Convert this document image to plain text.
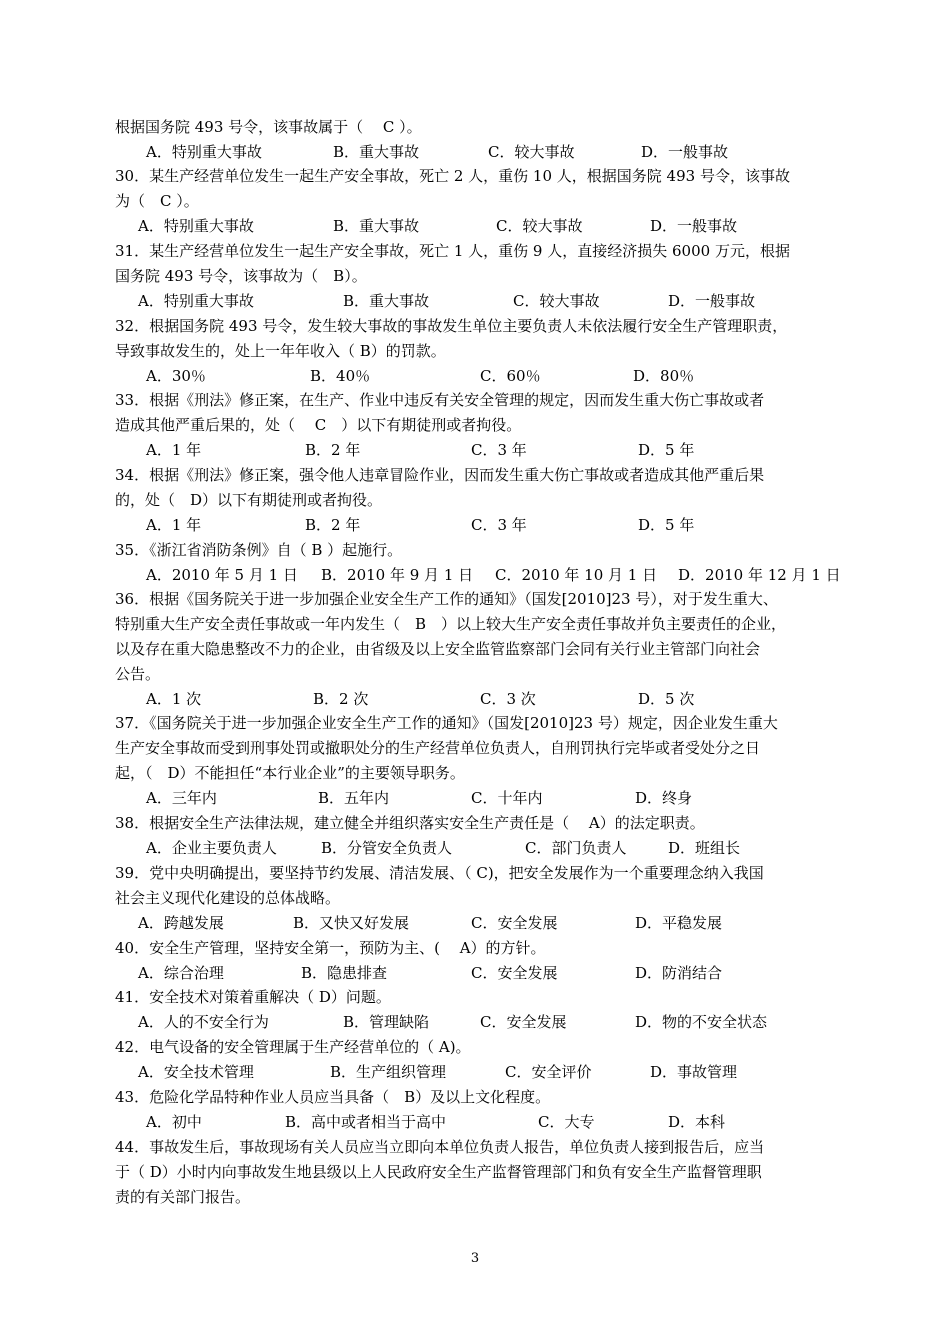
根据国务院 493 号令，该事故属于（　 C ）。
A．特别重大事故	B．重大事故	C．较大事故	D．一般事故
30．某生产经营单位发生一起生产安全事故，死亡 2 人，重伤 10 人，根据国务院 493 号令，该事故
为（　C ）。
A．特别重大事故	B．重大事故	C．较大事故	D．一般事故
31．某生产经营单位发生一起生产安全事故，死亡 1 人，重伤 9 人，直接经济损失 6000 万元，根据
国务院 493 号令，该事故为（　B）。
A．特别重大事故	B．重大事故	C．较大事故	D．一般事故
32．根据国务院 493 号令，发生较大事故的事故发生单位主要负责人未依法履行安全生产管理职责，
导致事故发生的，处上一年年收入（ B）的罚款。
A．30％	B．40％	C．60％	D．80％
33．根据《刑法》修正案，在生产、作业中违反有关安全管理的规定，因而发生重大伤亡事故或者
造成其他严重后果的，处（　 C　）以下有期徒刑或者拘役。
A．1 年	B．2 年	C．3 年	D．5 年
34．根据《刑法》修正案，强令他人违章冒险作业，因而发生重大伤亡事故或者造成其他严重后果
的，处（　D）以下有期徒刑或者拘役。
A．1 年	B．2 年	C．3 年	D．5 年
35．《浙江省消防条例》自（ B ）起施行。
A．2010 年 5 月 1 日 B．2010 年 9 月 1 日 C．2010 年 10 月 1 日 D．2010 年 12 月 1 日
36．根据《国务院关于进一步加强企业安全生产工作的通知》（国发[2010]23 号），对于发生重大、
特别重大生产安全责任事故或一年内发生（　B　）以上较大生产安全责任事故并负主要责任的企业，
以及存在重大隐患整改不力的企业，由省级及以上安全监管监察部门会同有关行业主管部门向社会
公告。
A．1 次	B．2 次	C．3 次	D．5 次
37．《国务院关于进一步加强企业安全生产工作的通知》（国发[2010]23 号）规定，因企业发生重大
生产安全事故而受到刑事处罚或撤职处分的生产经营单位负责人，自刑罚执行完毕或者受处分之日
起，（　D）不能担任“本行业企业”的主要领导职务。
A．三年内	B．五年内	C．十年内	D．终身
38．根据安全生产法律法规，建立健全并组织落实安全生产责任是（　 A）的法定职责。
A．企业主要负责人	B．分管安全负责人	C．部门负责人	D．班组长
39．党中央明确提出，要坚持节约发展、清洁发展、（ C)，把安全发展作为一个重要理念纳入我国
社会主义现代化建设的总体战略。
A．跨越发展	B．又快又好发展	C．安全发展	D．平稳发展
40．安全生产管理，坚持安全第一，预防为主、(　 A）的方针。
A．综合治理	B．隐患排查	C．安全发展	D．防消结合
41．安全技术对策着重解决（ D）问题。
A．人的不安全行为	B．管理缺陷	C．安全发展	D．物的不安全状态
42．电气设备的安全管理属于生产经营单位的（ A)。
A．安全技术管理	B．生产组织管理	C．安全评价	D．事故管理
43．危险化学品特种作业人员应当具备（　B）及以上文化程度。
A．初中	B．高中或者相当于高中	C．大专	D．本科
44．事故发生后，事故现场有关人员应当立即向本单位负责人报告，单位负责人接到报告后，应当
于（ D）小时内向事故发生地县级以上人民政府安全生产监督管理部门和负有安全生产监督管理职
责的有关部门报告。
3
